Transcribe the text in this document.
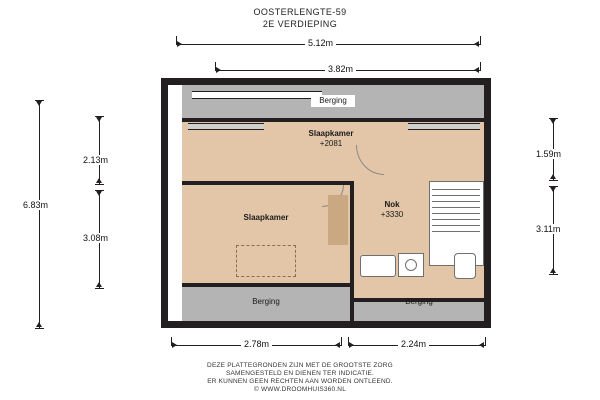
OOSTERLENGTE-59
2E VERDIEPING
5.12m
3.82m
6.83m
2.13m
3.08m
1.59m
3.11m
2.78m	2.24m
Berging
Slaapkamer
+2081
Slaapkamer
Nok
+3330
Berging	Berging
DEZE PLATTEGRONDEN ZIJN MET DE GROOTSTE ZORG
SAMENGESTELD EN DIENEN TER INDICATIE.
ER KUNNEN GEEN RECHTEN AAN WORDEN ONTLEEND.
© WWW.DROOMHUIS360.NL
